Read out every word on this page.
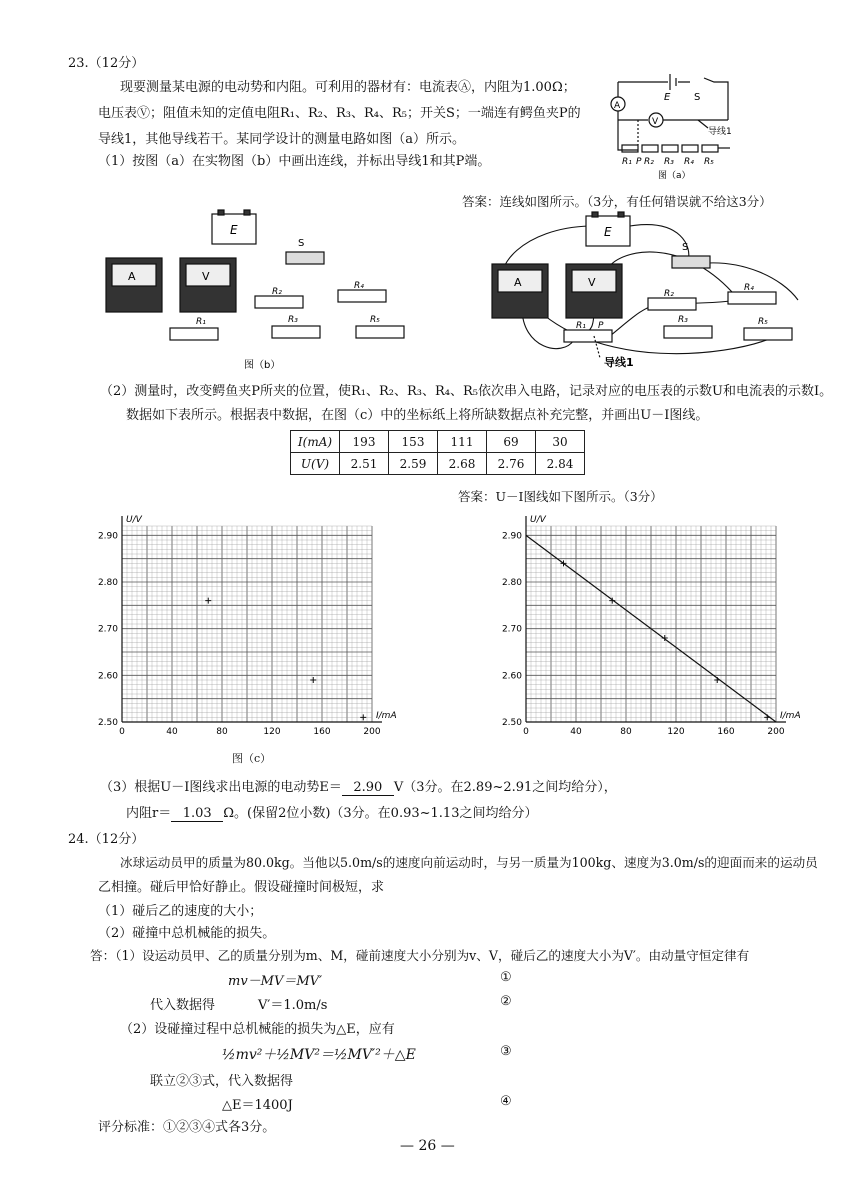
23.（12分）
现要测量某电源的电动势和内阻。可利用的器材有：电流表Ⓐ，内阻为1.00Ω；
电压表Ⓥ；阻值未知的定值电阻R₁、R₂、R₃、R₄、R₅；开关S；一端连有鳄鱼夹P的
导线1，其他导线若干。某同学设计的测量电路如图（a）所示。
（1）按图（a）在实物图（b）中画出连线，并标出导线1和其P端。
A
V
E S
导线1
R₁ P R₂ R₃ R₄ R₅
图（a）
答案：连线如图所示。（3分，有任何错误就不给这3分）
E
A	V
S
R₁
R₂
R₃
R₄
R₅
图（b）
E
A	V
S
R₁ P
R₂
R₃
R₄
R₅
导线1
（2）测量时，改变鳄鱼夹P所夹的位置，使R₁、R₂、R₃、R₄、R₅依次串入电路，记录对应的电压表的示数U和电流表的示数I。
数据如下表所示。根据表中数据，在图（c）中的坐标纸上将所缺数据点补充完整，并画出U－I图线。
I(mA)	193	153	111	69	30
U(V)	2.51	2.59	2.68	2.76	2.84
答案：U－I图线如下图所示。（3分）
0	40	80	120	160	200
2.50
2.60
2.70
2.80
2.90
I/mA
U/V
0	40	80	120	160	200
2.50
2.60
2.70
2.80
2.90
I/mA
U/V
图（c）
（3）根据U－I图线求出电源的电动势E＝ 2.90 V（3分。在2.89~2.91之间均给分），
内阻r＝ 1.03 Ω。(保留2位小数)（3分。在0.93~1.13之间均给分）
24.（12分）
冰球运动员甲的质量为80.0kg。当他以5.0m/s的速度向前运动时，与另一质量为100kg、速度为3.0m/s的迎面而来的运动员
乙相撞。碰后甲恰好静止。假设碰撞时间极短，求
（1）碰后乙的速度的大小；
（2）碰撞中总机械能的损失。
答：（1）设运动员甲、乙的质量分别为m、M，碰前速度大小分别为v、V，碰后乙的速度大小为V′。由动量守恒定律有
mv－MV＝MV′	①
代入数据得	V′＝1.0m/s	②
（2）设碰撞过程中总机械能的损失为△E，应有
½mv²＋½MV²＝½MV′²＋△E	③
联立②③式，代入数据得
△E＝1400J	④
评分标准：①②③④式各3分。
— 26 —
